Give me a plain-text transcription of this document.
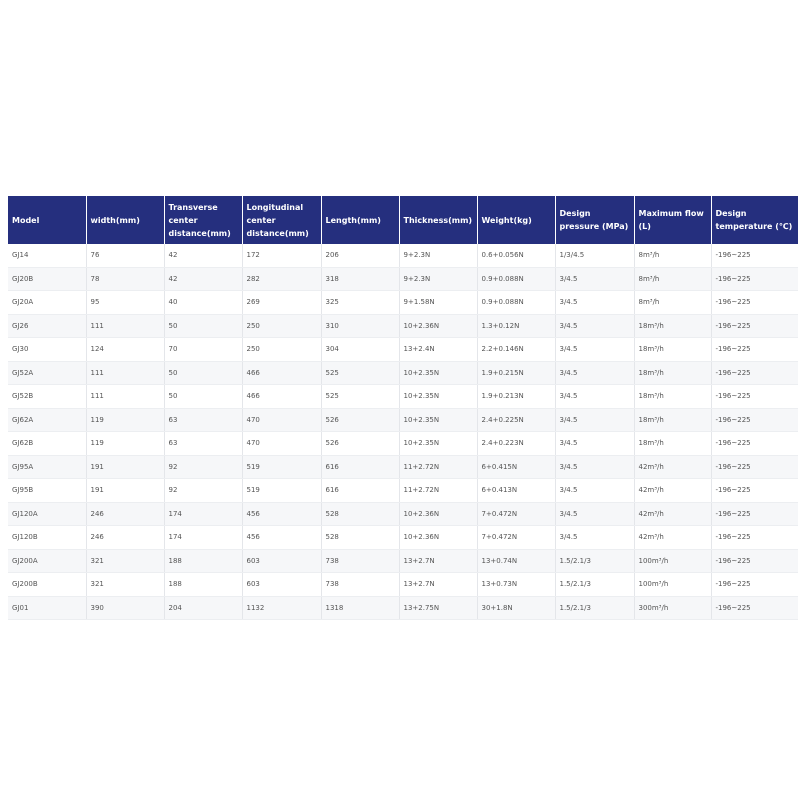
Model	width(mm)	Transverse center distance(mm)	Longitudinal center distance(mm)	Length(mm)	Thickness(mm)	Weight(kg)	Design pressure (MPa)	Maximum flow (L)	Design temperature (℃)
GJ14	76	42	172	206	9+2.3N	0.6+0.056N	1/3/4.5	8m³/h	-196~225
GJ20B	78	42	282	318	9+2.3N	0.9+0.088N	3/4.5	8m³/h	-196~225
GJ20A	95	40	269	325	9+1.58N	0.9+0.088N	3/4.5	8m³/h	-196~225
GJ26	111	50	250	310	10+2.36N	1.3+0.12N	3/4.5	18m³/h	-196~225
GJ30	124	70	250	304	13+2.4N	2.2+0.146N	3/4.5	18m³/h	-196~225
GJ52A	111	50	466	525	10+2.35N	1.9+0.215N	3/4.5	18m³/h	-196~225
GJ52B	111	50	466	525	10+2.35N	1.9+0.213N	3/4.5	18m³/h	-196~225
GJ62A	119	63	470	526	10+2.35N	2.4+0.225N	3/4.5	18m³/h	-196~225
GJ62B	119	63	470	526	10+2.35N	2.4+0.223N	3/4.5	18m³/h	-196~225
GJ95A	191	92	519	616	11+2.72N	6+0.415N	3/4.5	42m³/h	-196~225
GJ95B	191	92	519	616	11+2.72N	6+0.413N	3/4.5	42m³/h	-196~225
GJ120A	246	174	456	528	10+2.36N	7+0.472N	3/4.5	42m³/h	-196~225
GJ120B	246	174	456	528	10+2.36N	7+0.472N	3/4.5	42m³/h	-196~225
GJ200A	321	188	603	738	13+2.7N	13+0.74N	1.5/2.1/3	100m³/h	-196~225
GJ200B	321	188	603	738	13+2.7N	13+0.73N	1.5/2.1/3	100m³/h	-196~225
GJ01	390	204	1132	1318	13+2.75N	30+1.8N	1.5/2.1/3	300m³/h	-196~225
